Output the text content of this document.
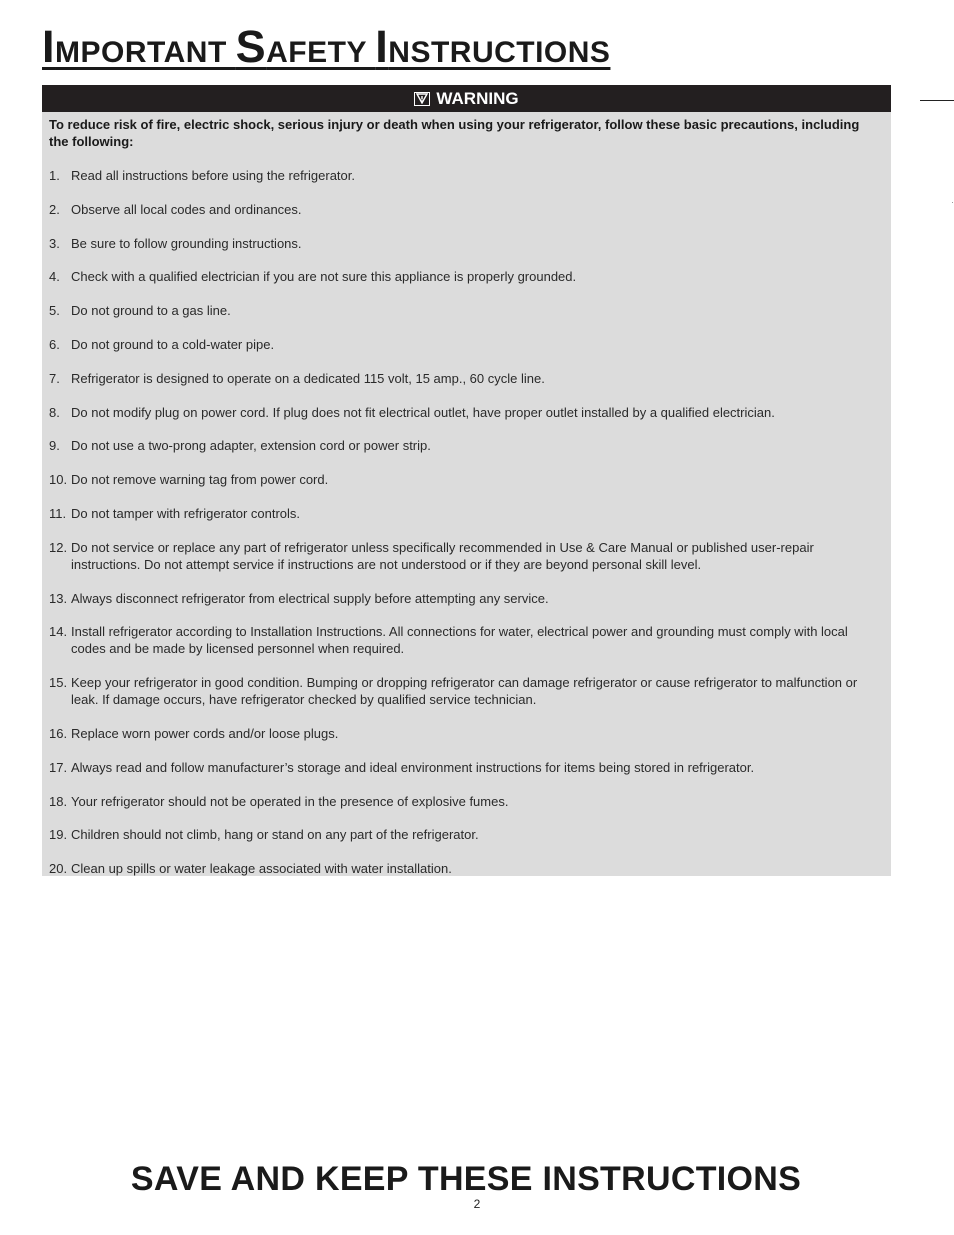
IMPORTANT SAFETY INSTRUCTIONS
WARNING

To reduce risk of fire, electric shock, serious injury or death when using your refrigerator, follow these basic precautions, including the following:

1. Read all instructions before using the refrigerator.
2. Observe all local codes and ordinances.
3. Be sure to follow grounding instructions.
4. Check with a qualified electrician if you are not sure this appliance is properly grounded.
5. Do not ground to a gas line.
6. Do not ground to a cold-water pipe.
7. Refrigerator is designed to operate on a dedicated 115 volt, 15 amp., 60 cycle line.
8. Do not modify plug on power cord. If plug does not fit electrical outlet, have proper outlet installed by a qualified electrician.
9. Do not use a two-prong adapter, extension cord or power strip.
10. Do not remove warning tag from power cord.
11. Do not tamper with refrigerator controls.
12. Do not service or replace any part of refrigerator unless specifically recommended in Use & Care Manual or published user-repair instructions. Do not attempt service if instructions are not understood or if they are beyond personal skill level.
13. Always disconnect refrigerator from electrical supply before attempting any service.
14. Install refrigerator according to Installation Instructions. All connections for water, electrical power and grounding must comply with local codes and be made by licensed personnel when required.
15. Keep your refrigerator in good condition. Bumping or dropping refrigerator can damage refrigerator or cause refrigerator to malfunction or leak. If damage occurs, have refrigerator checked by qualified service technician.
16. Replace worn power cords and/or loose plugs.
17. Always read and follow manufacturer’s storage and ideal environment instructions for items being stored in refrigerator.
18. Your refrigerator should not be operated in the presence of explosive fumes.
19. Children should not climb, hang or stand on any part of the refrigerator.
20. Clean up spills or water leakage associated with water installation.
SAVE AND KEEP THESE INSTRUCTIONS
2
